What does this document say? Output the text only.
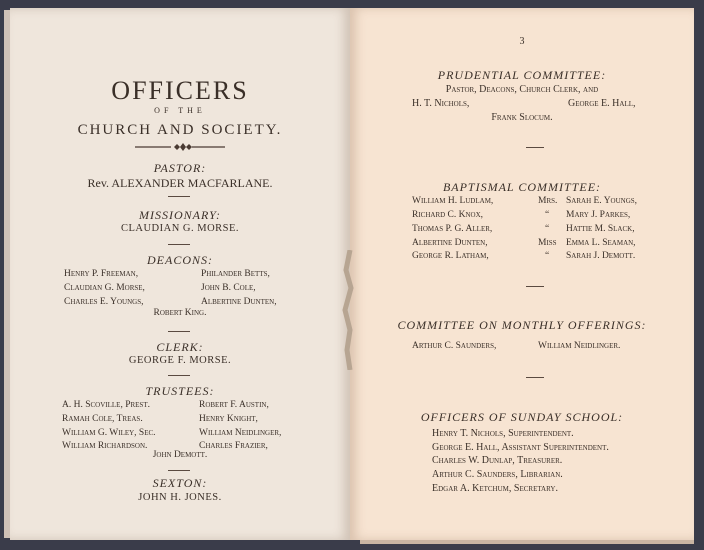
OFFICERS
OF THE
CHURCH AND SOCIETY.
PASTOR:
Rev. ALEXANDER MACFARLANE.
MISSIONARY:
CLAUDIAN G. MORSE.
DEACONS:
Henry P. Freeman,
Claudian G. Morse,
Charles E. Youngs,
Philander Betts,
John B. Cole,
Albertine Dunten,
Robert King.
CLERK:
GEORGE F. MORSE.
TRUSTEES:
A. H. Scoville, Prest.
Ramah Cole, Treas.
William G. Wiley, Sec.
William Richardson.
Robert F. Austin,
Henry Knight,
William Neidlinger,
Charles Frazier,
John Demott.
SEXTON:
JOHN H. JONES.
3
PRUDENTIAL COMMITTEE:
Pastor, Deacons, Church Clerk, and
H. T. Nichols,	George E. Hall,
Frank Slocum.
BAPTISMAL COMMITTEE:
William H. Ludlam,
Richard C. Knox,
Thomas P. G. Aller,
Albertine Dunten,
George R. Latham,
Mrs.
“
“
Miss
“
Sarah E. Youngs,
Mary J. Parkes,
Hattie M. Slack,
Emma L. Seaman,
Sarah J. Demott.
COMMITTEE ON MONTHLY OFFERINGS:
Arthur C. Saunders,	William Neidlinger.
OFFICERS OF SUNDAY SCHOOL:
Henry T. Nichols, Superintendent.
George E. Hall, Assistant Superintendent.
Charles W. Dunlap, Treasurer.
Arthur C. Saunders, Librarian.
Edgar A. Ketchum, Secretary.
